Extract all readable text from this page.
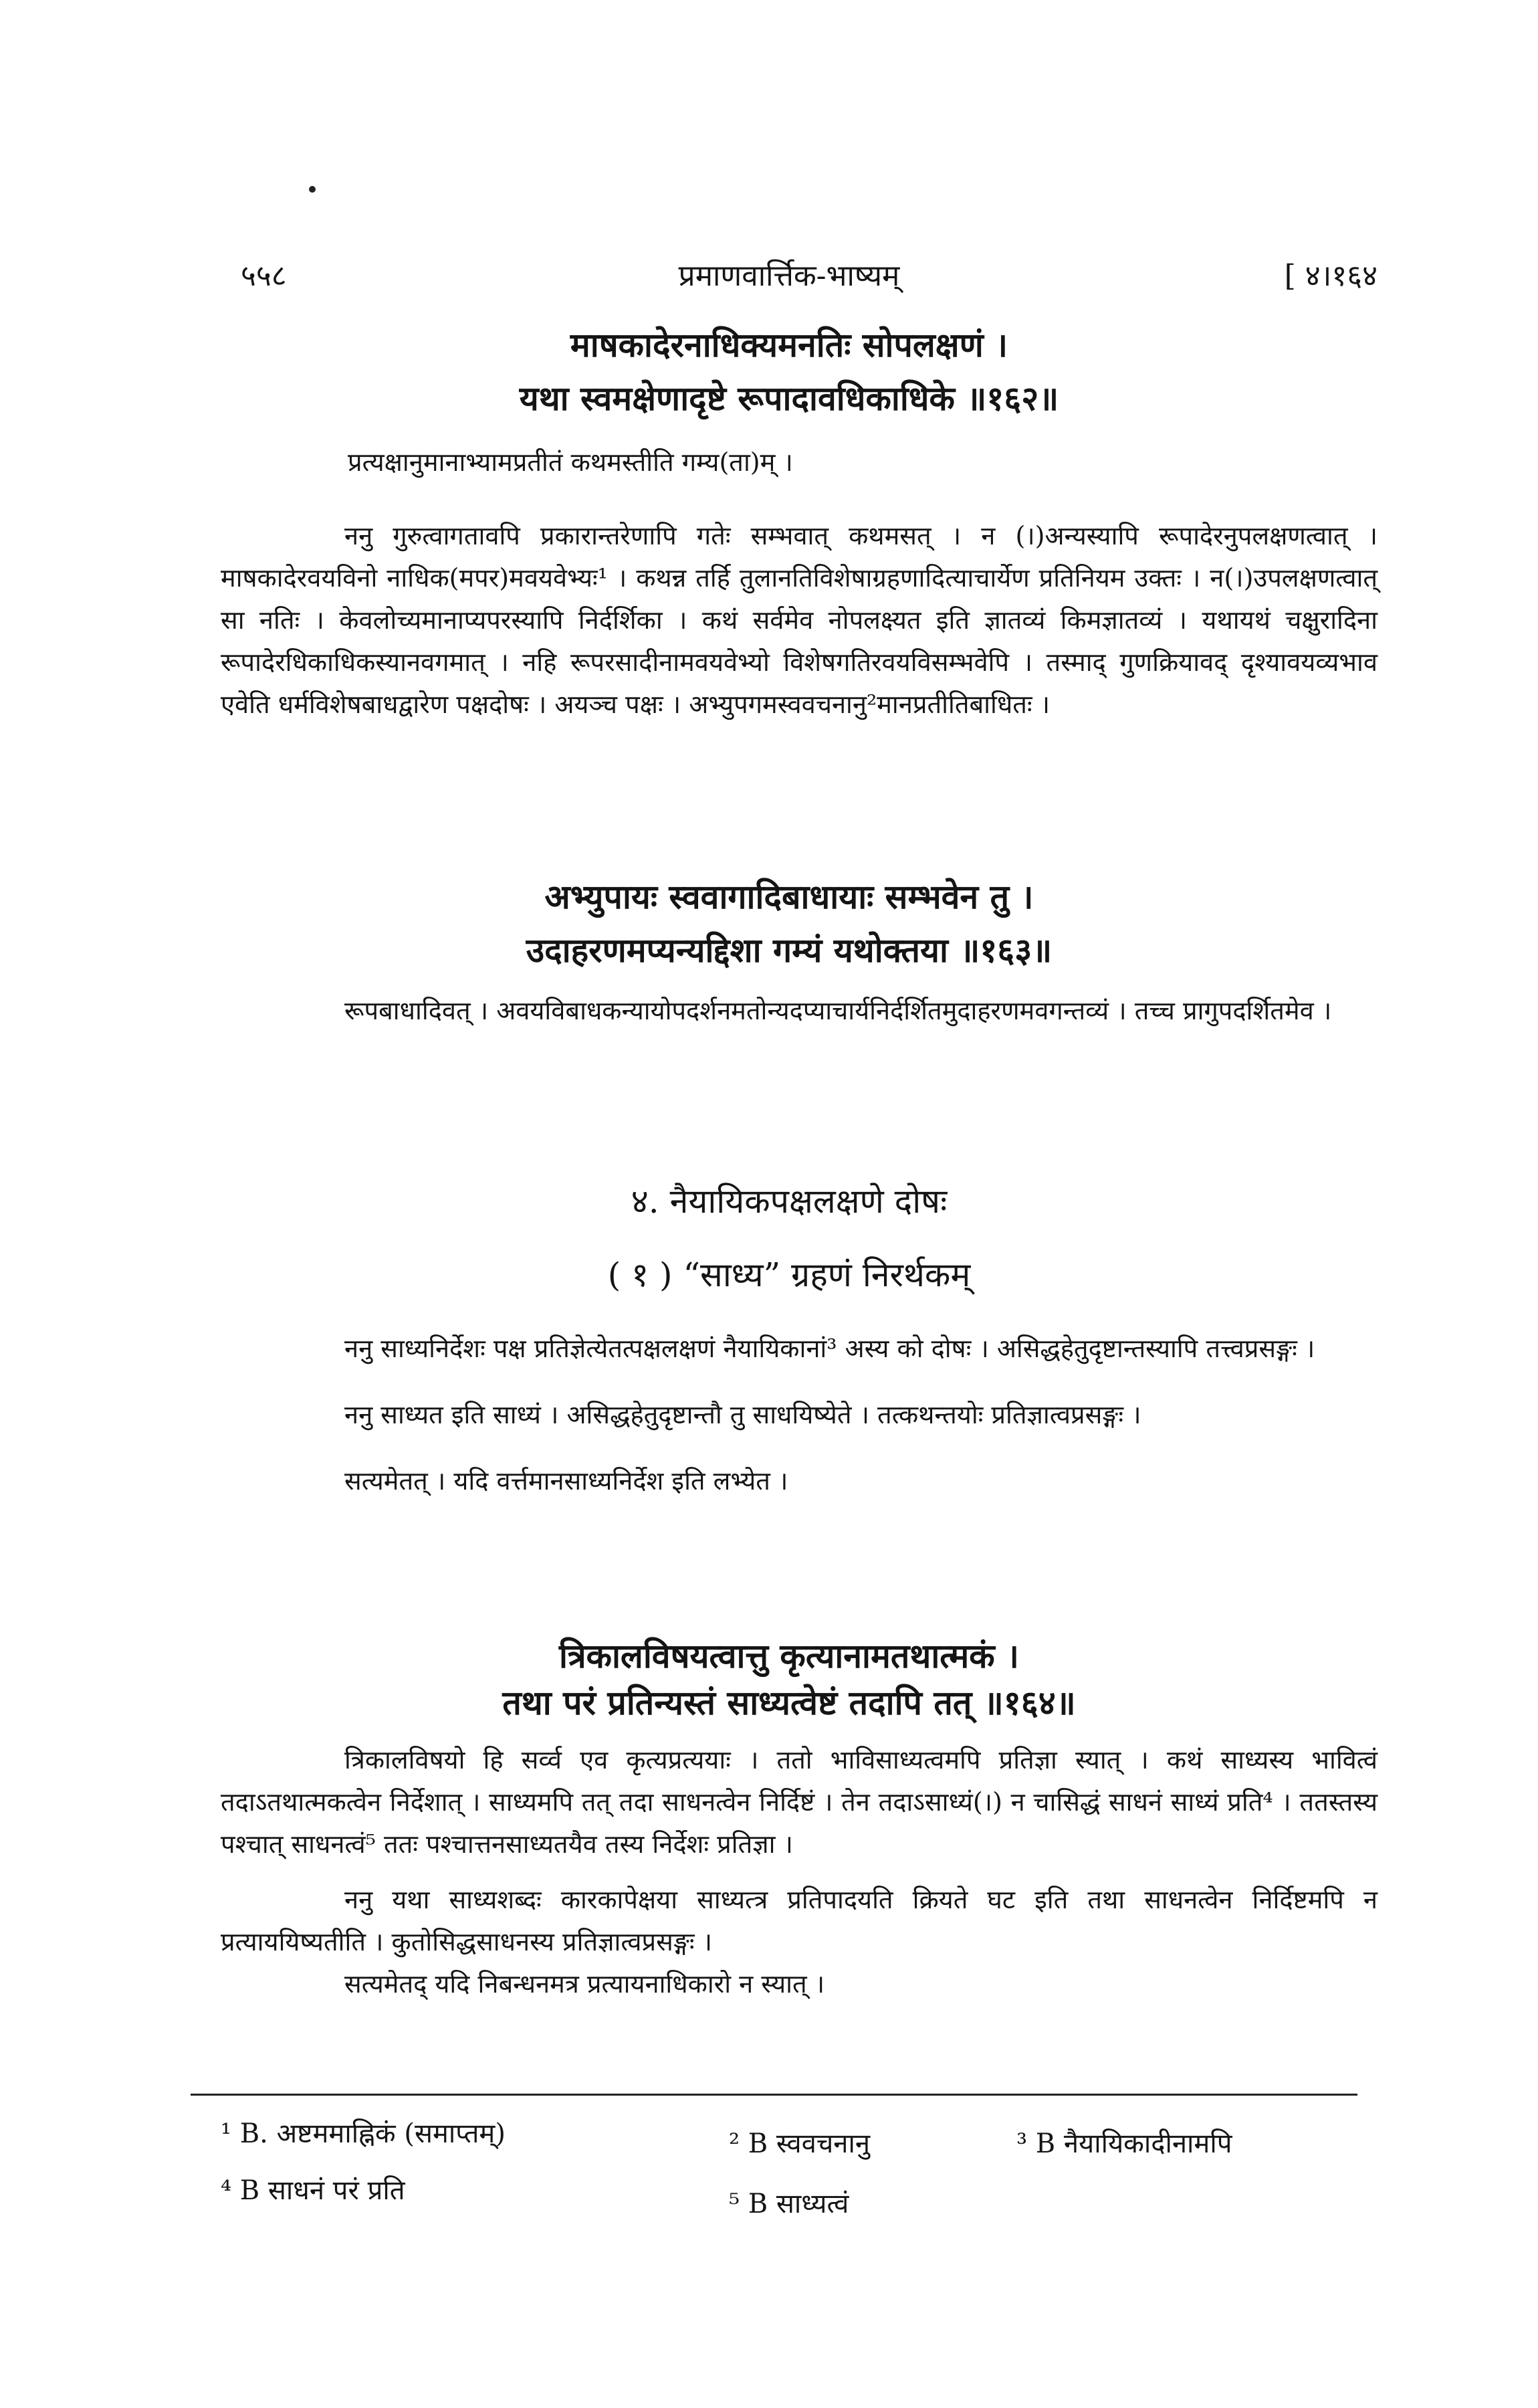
५५८	प्रमाणवार्त्तिक-भाष्यम्	[ ४।१६४
माषकादेरनाधिक्यमनतिः सोपलक्षणं ।
यथा स्वमक्षेणादृष्टे रूपादावधिकाधिके ॥१६२॥

प्रत्यक्षानुमानाभ्यामप्रतीतं कथमस्तीति गम्य(ता)म् ।

ननु गुरुत्वागतावपि प्रकारान्तरेणापि गतेः सम्भवात् कथमसत् । न (।)अन्यस्यापि रूपादेरनुपलक्षणत्वात् । माषकादेरवयविनो नाधिक(मपर)मवयवेभ्यः¹ । कथन्न तर्हि तुलानतिविशेषाग्रहणादित्याचार्येण प्रतिनियम उक्तः । न(।)उपलक्षणत्वात् सा नतिः । केवलोच्यमानाप्यपरस्यापि निर्दर्शिका । कथं सर्वमेव नोपलक्ष्यत इति ज्ञातव्यं किमज्ञातव्यं । यथायथं चक्षुरादिना रूपादेरधिकाधिकस्यानवगमात् । नहि रूपरसादीनामवयवेभ्यो विशेषगतिरवयविसम्भवेपि । तस्माद् गुणक्रियावद् दृश्यावयव्यभाव एवेति धर्मविशेषबाधद्वारेण पक्षदोषः । अयञ्च पक्षः । अभ्युपगमस्ववचनानु²मानप्रतीतिबाधितः ।

अभ्युपायः स्ववागादिबाधायाः सम्भवेन तु ।
उदाहरणमप्यन्यद्दिशा गम्यं यथोक्तया ॥१६३॥

रूपबाधादिवत् । अवयविबाधकन्यायोपदर्शनमतोन्यदप्याचार्यनिर्दर्शितमुदाहरणमवगन्तव्यं । तच्च प्रागुपदर्शितमेव ।

४. नैयायिकपक्षलक्षणे दोषः
( १ ) “साध्य” ग्रहणं निरर्थकम्

ननु साध्यनिर्देशः पक्ष प्रतिज्ञेत्येतत्पक्षलक्षणं नैयायिकानां³ अस्य को दोषः । असिद्धहेतुदृष्टान्तस्यापि तत्त्वप्रसङ्गः ।

ननु साध्यत इति साध्यं । असिद्धहेतुदृष्टान्तौ तु साधयिष्येते । तत्कथन्तयोः प्रतिज्ञात्वप्रसङ्गः ।

सत्यमेतत् । यदि वर्त्तमानसाध्यनिर्देश इति लभ्येत ।

त्रिकालविषयत्वात्तु कृत्यानामतथात्मकं ।
तथा परं प्रतिन्यस्तं साध्यत्वेष्टं तदापि तत् ॥१६४॥

त्रिकालविषयो हि सर्व्व एव कृत्यप्रत्ययाः । ततो भाविसाध्यत्वमपि प्रतिज्ञा स्यात् । कथं साध्यस्य भावित्वं तदाऽतथात्मकत्वेन निर्देशात् । साध्यमपि तत् तदा साधनत्वेन निर्दिष्टं । तेन तदाऽसाध्यं(।) न चासिद्धं साधनं साध्यं प्रति⁴ । ततस्तस्य पश्चात् साधनत्वं⁵ ततः पश्चात्तनसाध्यतयैव तस्य निर्देशः प्रतिज्ञा ।

ननु यथा साध्यशब्दः कारकापेक्षया साध्यत्त्र प्रतिपादयति क्रियते घट इति तथा साधनत्वेन निर्दिष्टमपि न प्रत्याययिष्यतीति । कुतोसिद्धसाधनस्य प्रतिज्ञात्वप्रसङ्गः ।

सत्यमेतद् यदि निबन्धनमत्र प्रत्यायनाधिकारो न स्यात् ।

¹ B. अष्टममाह्निकं (समाप्तम्)	² B स्ववचनानु	³ B नैयायिकादीनामपि
⁴ B साधनं परं प्रति	⁵ B साध्यत्वं
